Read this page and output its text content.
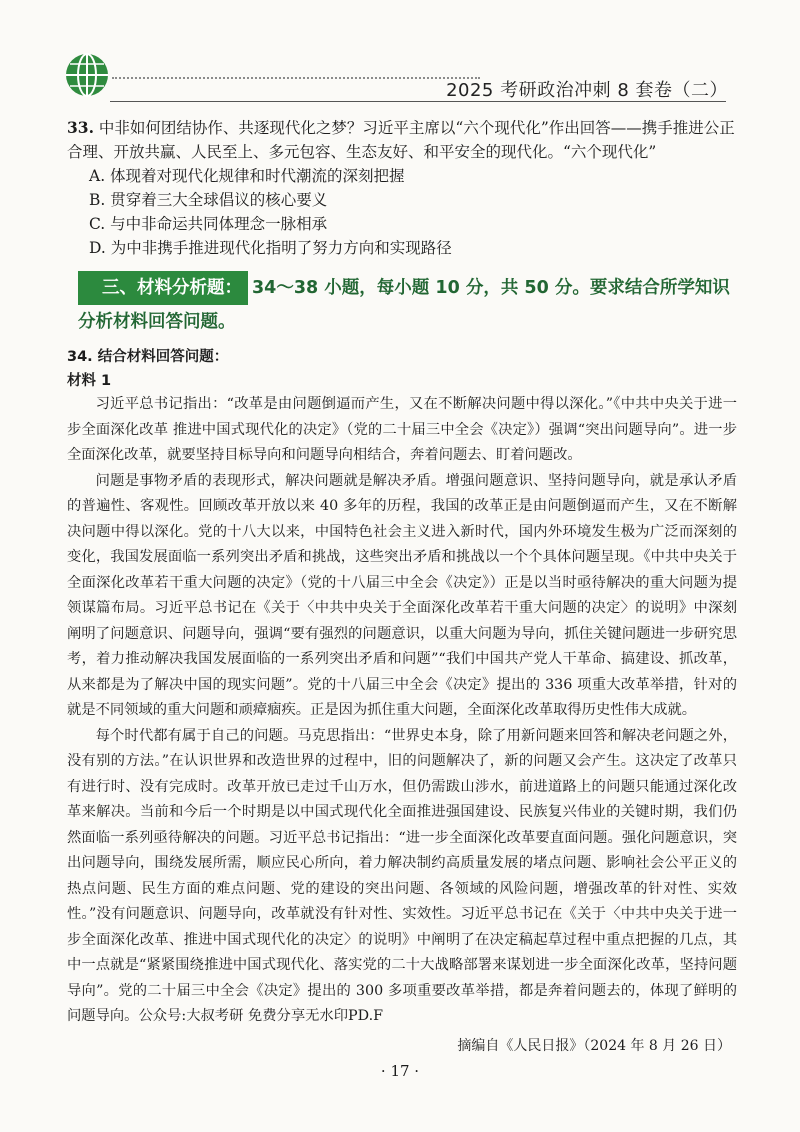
2025 考研政治冲刺 8 套卷（二）
33. 中非如何团结协作、共逐现代化之梦？习近平主席以“六个现代化”作出回答——携手推进公正合理、开放共赢、人民至上、多元包容、生态友好、和平安全的现代化。“六个现代化”
A. 体现着对现代化规律和时代潮流的深刻把握
B. 贯穿着三大全球倡议的核心要义
C. 与中非命运共同体理念一脉相承
D. 为中非携手推进现代化指明了努力方向和实现路径
三、材料分析题： 34～38 小题，每小题 10 分，共 50 分。要求结合所学知识分析材料回答问题。
34. 结合材料回答问题：
材料 1

习近平总书记指出：“改革是由问题倒逼而产生，又在不断解决问题中得以深化。”《中共中央关于进一步全面深化改革 推进中国式现代化的决定》（党的二十届三中全会《决定》）强调“突出问题导向”。进一步全面深化改革，就要坚持目标导向和问题导向相结合，奔着问题去、盯着问题改。

问题是事物矛盾的表现形式，解决问题就是解决矛盾。增强问题意识、坚持问题导向，就是承认矛盾的普遍性、客观性。回顾改革开放以来 40 多年的历程，我国的改革正是由问题倒逼而产生，又在不断解决问题中得以深化。党的十八大以来，中国特色社会主义进入新时代，国内外环境发生极为广泛而深刻的变化，我国发展面临一系列突出矛盾和挑战，这些突出矛盾和挑战以一个个具体问题呈现。《中共中央关于全面深化改革若干重大问题的决定》（党的十八届三中全会《决定》）正是以当时亟待解决的重大问题为提领谋篇布局。习近平总书记在《关于〈中共中央关于全面深化改革若干重大问题的决定〉的说明》中深刻阐明了问题意识、问题导向，强调“要有强烈的问题意识，以重大问题为导向，抓住关键问题进一步研究思考，着力推动解决我国发展面临的一系列突出矛盾和问题”“我们中国共产党人干革命、搞建设、抓改革，从来都是为了解决中国的现实问题”。党的十八届三中全会《决定》提出的 336 项重大改革举措，针对的就是不同领域的重大问题和顽瘴痼疾。正是因为抓住重大问题，全面深化改革取得历史性伟大成就。

每个时代都有属于自己的问题。马克思指出：“世界史本身，除了用新问题来回答和解决老问题之外，没有别的方法。”在认识世界和改造世界的过程中，旧的问题解决了，新的问题又会产生。这决定了改革只有进行时、没有完成时。改革开放已走过千山万水，但仍需跋山涉水，前进道路上的问题只能通过深化改革来解决。当前和今后一个时期是以中国式现代化全面推进强国建设、民族复兴伟业的关键时期，我们仍然面临一系列亟待解决的问题。习近平总书记指出：“进一步全面深化改革要直面问题。强化问题意识，突出问题导向，围绕发展所需，顺应民心所向，着力解决制约高质量发展的堵点问题、影响社会公平正义的热点问题、民生方面的难点问题、党的建设的突出问题、各领域的风险问题，增强改革的针对性、实效性。”没有问题意识、问题导向，改革就没有针对性、实效性。习近平总书记在《关于〈中共中央关于进一步全面深化改革、推进中国式现代化的决定〉的说明》中阐明了在决定稿起草过程中重点把握的几点，其中一点就是“紧紧围绕推进中国式现代化、落实党的二十大战略部署来谋划进一步全面深化改革，坚持问题导向”。党的二十届三中全会《决定》提出的 300 多项重要改革举措，都是奔着问题去的，体现了鲜明的问题导向。公众号:大叔考研 免费分享无水印PD.F

摘编自《人民日报》（2024 年 8 月 26 日）
· 17 ·
